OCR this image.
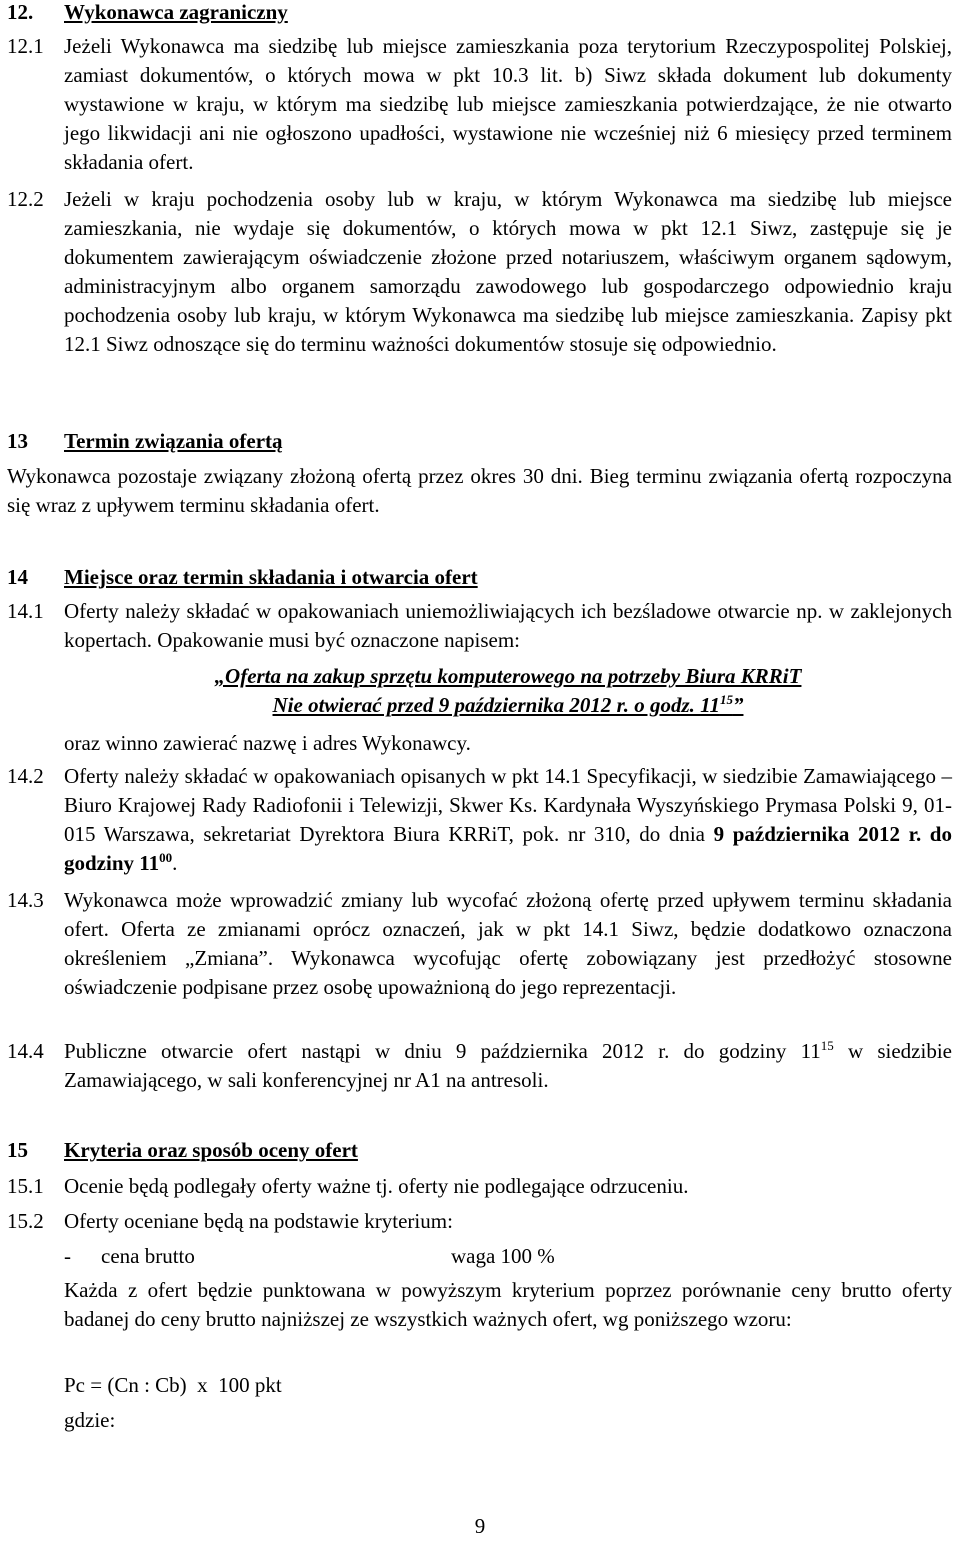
12. Wykonawca zagraniczny
12.1 Jeżeli Wykonawca ma siedzibę lub miejsce zamieszkania poza terytorium Rzeczypospolitej Polskiej, zamiast dokumentów, o których mowa w pkt 10.3 lit. b) Siwz składa dokument lub dokumenty wystawione w kraju, w którym ma siedzibę lub miejsce zamieszkania potwierdzające, że nie otwarto jego likwidacji ani nie ogłoszono upadłości, wystawione nie wcześniej niż 6 miesięcy przed terminem składania ofert.
12.2 Jeżeli w kraju pochodzenia osoby lub w kraju, w którym Wykonawca ma siedzibę lub miejsce zamieszkania, nie wydaje się dokumentów, o których mowa w pkt 12.1 Siwz, zastępuje się je dokumentem zawierającym oświadczenie złożone przed notariuszem, właściwym organem sądowym, administracyjnym albo organem samorządu zawodowego lub gospodarczego odpowiednio kraju pochodzenia osoby lub kraju, w którym Wykonawca ma siedzibę lub miejsce zamieszkania. Zapisy pkt 12.1 Siwz odnoszące się do terminu ważności dokumentów stosuje się odpowiednio.
13 Termin związania ofertą
Wykonawca pozostaje związany złożoną ofertą przez okres 30 dni. Bieg terminu związania ofertą rozpoczyna się wraz z upływem terminu składania ofert.
14 Miejsce oraz termin składania i otwarcia ofert
14.1 Oferty należy składać w opakowaniach uniemożliwiających ich bezśladowe otwarcie np. w zaklejonych kopertach. Opakowanie musi być oznaczone napisem:
„Oferta na zakup sprzętu komputerowego na potrzeby Biura KRRiT
Nie otwierać przed 9 października 2012 r. o godz. $11^{15}$”
oraz winno zawierać nazwę i adres Wykonawcy.
14.2 Oferty należy składać w opakowaniach opisanych w pkt 14.1 Specyfikacji, w siedzibie Zamawiającego – Biuro Krajowej Rady Radiofonii i Telewizji, Skwer Ks. Kardynała Wyszyńskiego Prymasa Polski 9, 01-015 Warszawa, sekretariat Dyrektora Biura KRRiT, pok. nr 310, do dnia 9 października 2012 r. do godziny $11^{00}$.
14.3 Wykonawca może wprowadzić zmiany lub wycofać złożoną ofertę przed upływem terminu składania ofert. Oferta ze zmianami oprócz oznaczeń, jak w pkt 14.1 Siwz, będzie dodatkowo oznaczona określeniem „Zmiana”. Wykonawca wycofując ofertę zobowiązany jest przedłożyć stosowne oświadczenie podpisane przez osobę upoważnioną do jego reprezentacji.
14.4 Publiczne otwarcie ofert nastąpi w dniu 9 października 2012 r. do godziny $11^{15}$ w siedzibie Zamawiającego, w sali konferencyjnej nr A1 na antresoli.
15 Kryteria oraz sposób oceny ofert
15.1 Ocenie będą podlegały oferty ważne tj. oferty nie podlegające odrzuceniu.
15.2 Oferty oceniane będą na podstawie kryterium:
- cena brutto	waga 100 %
Każda z ofert będzie punktowana w powyższym kryterium poprzez porównanie ceny brutto oferty badanej do ceny brutto najniższej ze wszystkich ważnych ofert, wg poniższego wzoru:
Pc = (Cn : Cb)  x  100 pkt
gdzie:
9
